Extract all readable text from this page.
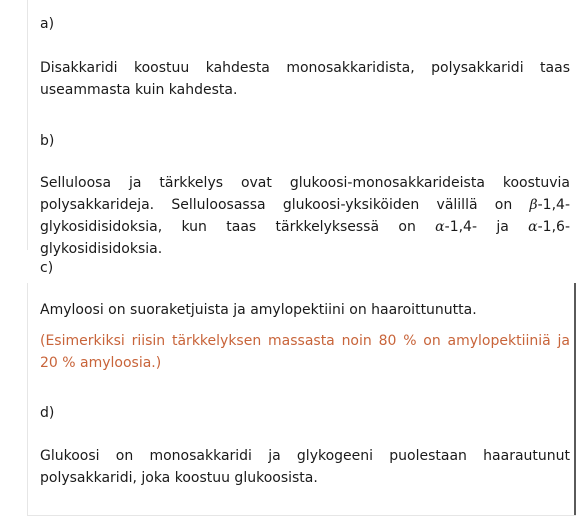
a)

Disakkaridi koostuu kahdesta monosakkaridista, polysakkaridi taas useammasta kuin kahdesta.

b)

Selluloosa ja tärkkelys ovat glukoosi-monosakkarideista koostuvia polysakkarideja. Selluloosassa glukoosi-yksiköiden välillä on β-1,4-glykosidisidoksia, kun taas tärkkelyksessä on α-1,4- ja α-1,6- glykosidisidoksia.

c)

Amyloosi on suoraketjuista ja amylopektiini on haaroittunutta.

(Esimerkiksi riisin tärkkelyksen massasta noin 80 % on amylopektiiniä ja 20 % amyloosia.)

d)

Glukoosi on monosakkaridi ja glykogeeni puolestaan haarautunut polysakkaridi, joka koostuu glukoosista.
